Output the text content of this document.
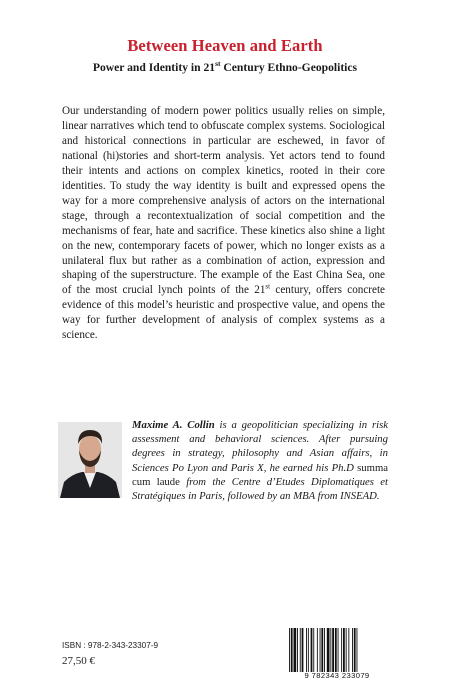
Between Heaven and Earth
Power and Identity in 21st Century Ethno-Geopolitics

Our understanding of modern power politics usually relies on simple, linear narratives which tend to obfuscate complex systems. Sociological and historical connections in particular are eschewed, in favor of national (hi)stories and short-term analysis. Yet actors tend to found their intents and actions on complex kinetics, rooted in their core identities. To study the way identity is built and expressed opens the way for a more comprehensive analysis of actors on the international stage, through a recontextualization of social competition and the mechanisms of fear, hate and sacrifice. These kinetics also shine a light on the new, contemporary facets of power, which no longer exists as a unilateral flux but rather as a combination of action, expression and shaping of the superstructure. The example of the East China Sea, one of the most crucial lynch points of the 21st century, offers concrete evidence of this model’s heuristic and prospective value, and opens the way for further development of analysis of complex systems as a science.

Maxime A. Collin is a geopolitician specializing in risk assessment and behavioral sciences. After pursuing degrees in strategy, philosophy and Asian affairs, in Sciences Po Lyon and Paris X, he earned his Ph.D summa cum laude from the Centre d’Etudes Diplomatiques et Stratégiques in Paris, followed by an MBA from INSEAD.

ISBN : 978-2-343-23307-9
27,50 €
9 782343 233079
